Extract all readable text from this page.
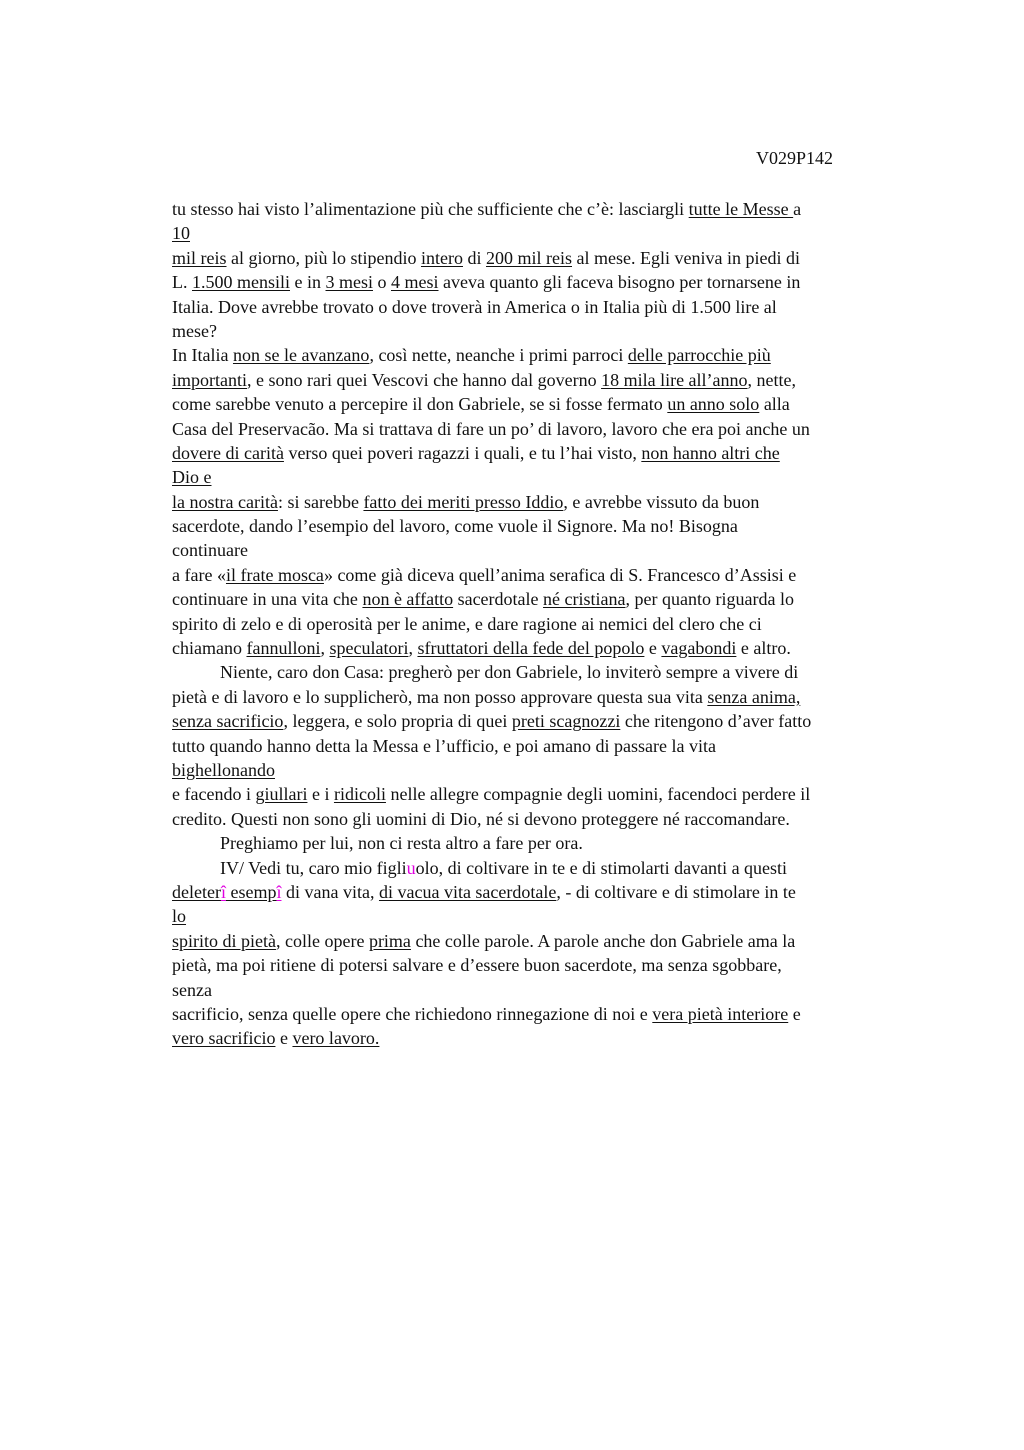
V029P142
tu stesso hai visto l’alimentazione più che sufficiente che c’è: lasciargli tutte le Messe a
10
mil reis al giorno, più lo stipendio intero di 200 mil reis al mese. Egli veniva in piedi di
L. 1.500 mensili e in 3 mesi o 4 mesi aveva quanto gli faceva bisogno per tornarsene in
Italia. Dove avrebbe trovato o dove troverà in America o in Italia più di 1.500 lire al
mese?
In Italia non se le avanzano, così nette, neanche i primi parroci delle parrocchie più
importanti, e sono rari quei Vescovi che hanno dal governo 18 mila lire all’anno, nette,
come sarebbe venuto a percepire il don Gabriele, se si fosse fermato un anno solo alla
Casa del Preservacão. Ma si trattava di fare un po’ di lavoro, lavoro che era poi anche un
dovere di carità verso quei poveri ragazzi i quali, e tu l’hai visto, non hanno altri che
Dio e
la nostra carità: si sarebbe fatto dei meriti presso Iddio, e avrebbe vissuto da buon
sacerdote, dando l’esempio del lavoro, come vuole il Signore. Ma no! Bisogna
continuare
a fare «il frate mosca» come già diceva quell’anima serafica di S. Francesco d’Assisi e
continuare in una vita che non è affatto sacerdotale né cristiana, per quanto riguarda lo
spirito di zelo e di operosità per le anime, e dare ragione ai nemici del clero che ci
chiamano fannulloni, speculatori, sfruttatori della fede del popolo e vagabondi e altro.
Niente, caro don Casa: pregherò per don Gabriele, lo inviterò sempre a vivere di
pietà e di lavoro e lo supplicherò, ma non posso approvare questa sua vita senza anima,
senza sacrificio, leggera, e solo propria di quei preti scagnozzi che ritengono d’aver fatto
tutto quando hanno detta la Messa e l’ufficio, e poi amano di passare la vita
bighellonando
e facendo i giullari e i ridicoli nelle allegre compagnie degli uomini, facendoci perdere il
credito. Questi non sono gli uomini di Dio, né si devono proteggere né raccomandare.
Preghiamo per lui, non ci resta altro a fare per ora.
IV/ Vedi tu, caro mio figliuolo, di coltivare in te e di stimolarti davanti a questi
deleterî esempî di vana vita, di vacua vita sacerdotale, - di coltivare e di stimolare in te
lo
spirito di pietà, colle opere prima che colle parole. A parole anche don Gabriele ama la
pietà, ma poi ritiene di potersi salvare e d’essere buon sacerdote, ma senza sgobbare,
senza
sacrificio, senza quelle opere che richiedono rinnegazione di noi e vera pietà interiore e
vero sacrificio e vero lavoro.
